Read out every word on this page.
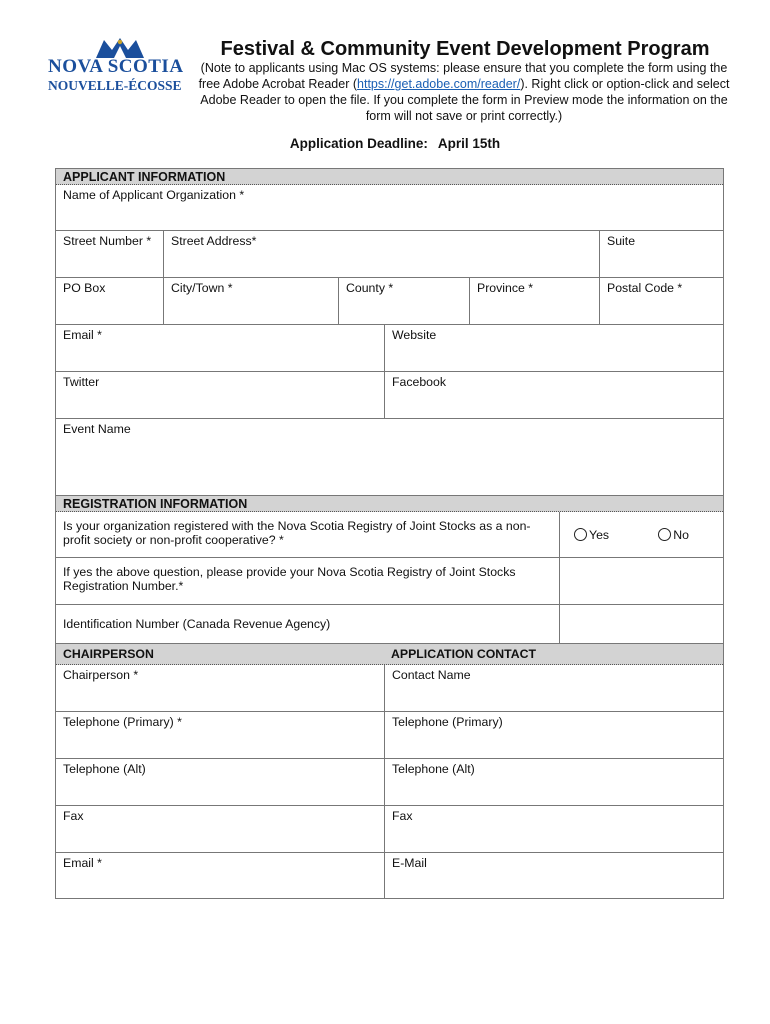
NOVA SCOTIA
NOUVELLE-ÉCOSSE
Festival & Community Event Development Program
(Note to applicants using Mac OS systems: please ensure that you complete the form using the free Adobe Acrobat Reader (https://get.adobe.com/reader/). Right click or option-click and select Adobe Reader to open the file. If you complete the form in Preview mode the information on the form will not save or print correctly.)
Application Deadline: April 15th
APPLICANT INFORMATION
Name of Applicant Organization *
Street Number *	Street Address*	Suite
PO Box	City/Town *	County *	Province *	Postal Code *
Email *	Website
Twitter	Facebook
Event Name
REGISTRATION INFORMATION
Is your organization registered with the Nova Scotia Registry of Joint Stocks as a non-profit society or non-profit cooperative? *	Yes	No
If yes the above question, please provide your Nova Scotia Registry of Joint Stocks Registration Number.*
Identification Number (Canada Revenue Agency)
CHAIRPERSON	APPLICATION CONTACT
Chairperson *	Contact Name
Telephone (Primary) *	Telephone (Primary)
Telephone (Alt)	Telephone (Alt)
Fax	Fax
Email *	E-Mail
